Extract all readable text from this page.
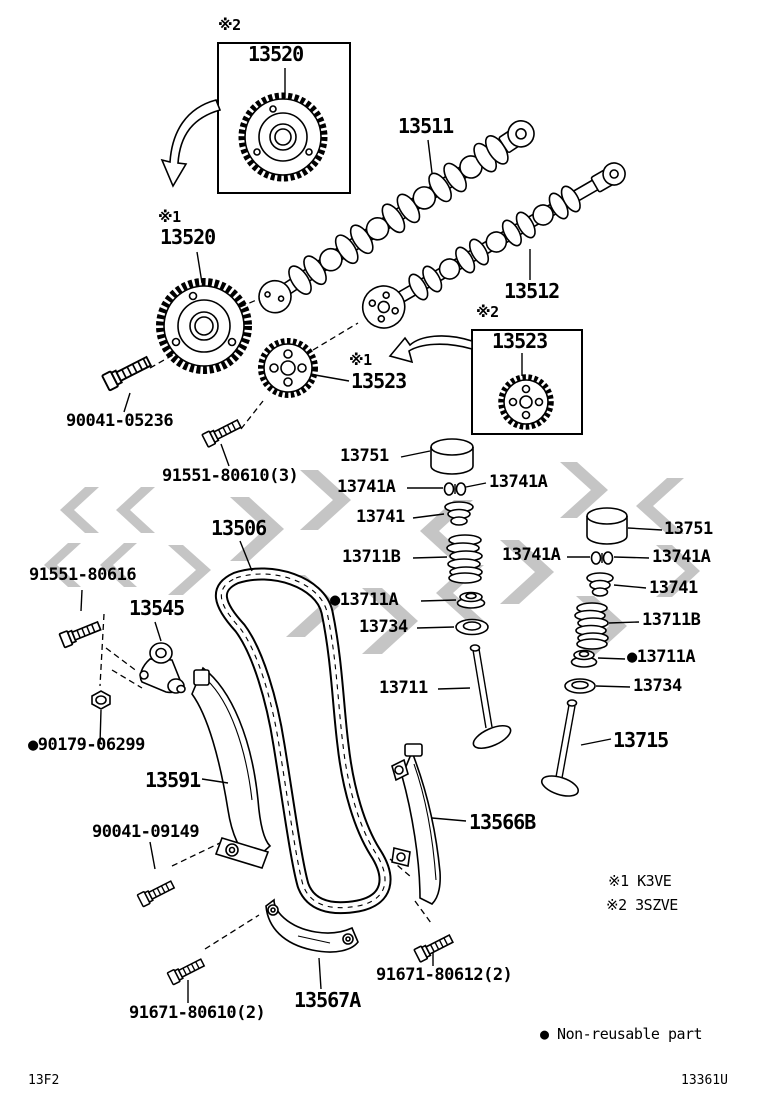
※1 K3VE
※2 3SZVE
● Non-reusable part
13F2	13361U
※2
13520
※1
13520
13511
13512
※2
13523
※1
13523
90041-05236
91551-80610(3)
13751
13741A	13741A
13741
13711B
13506
91551-80616
13545	●13711A
13734
13751
13741A	13741A
13741
13711B
●13711A
13734
13711
13715
●90179-06299
13591
90041-09149	13566B
91671-80612(2)
13567A
91671-80610(2)
